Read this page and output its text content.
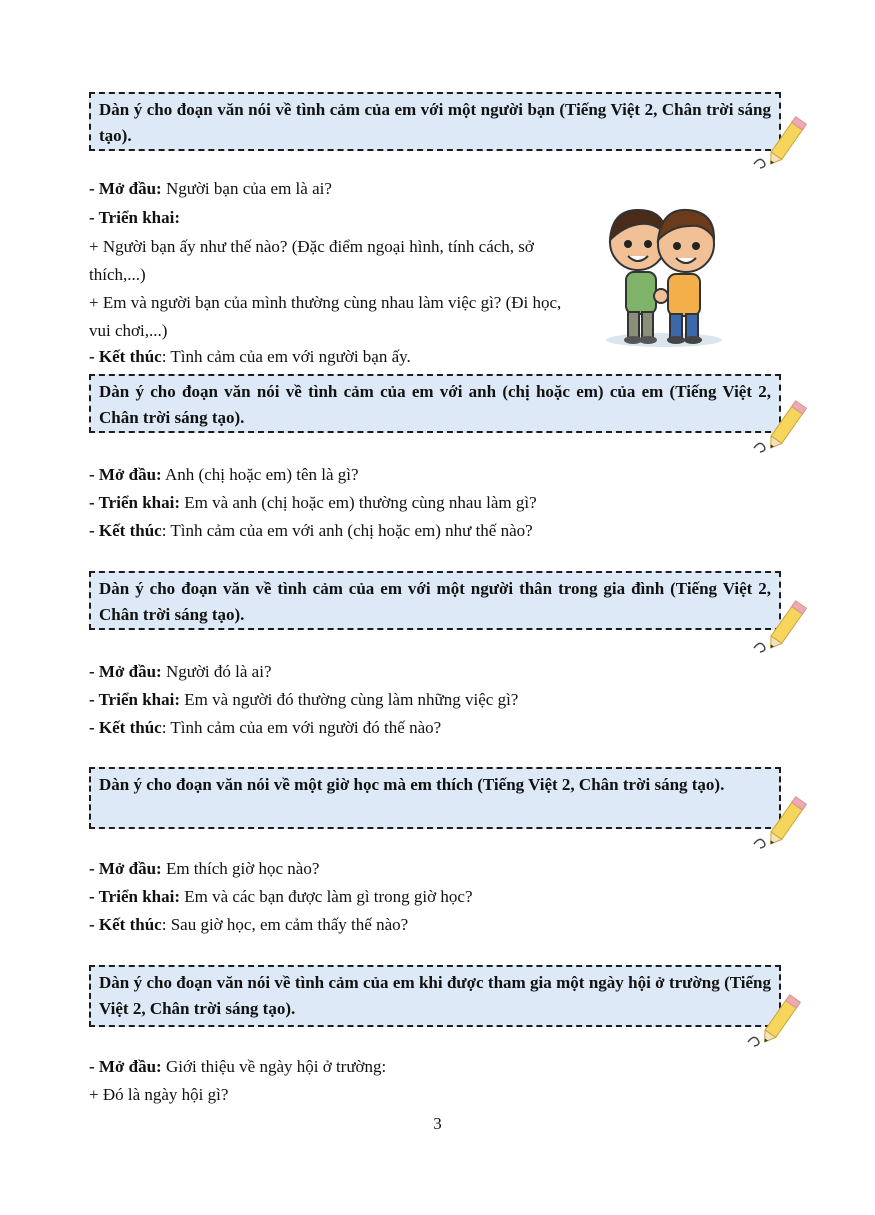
Dàn ý cho đoạn văn nói về tình cảm của em với một người bạn (Tiếng Việt 2, Chân trời sáng tạo).
- Mở đầu: Người bạn của em là ai?
- Triển khai:
+ Người bạn ấy như thế nào? (Đặc điểm ngoại hình, tính cách, sở thích,...)
+ Em và người bạn của mình thường cùng nhau làm việc gì? (Đi học, vui chơi,...)
- Kết thúc: Tình cảm của em với người bạn ấy.
Dàn ý cho đoạn văn nói về tình cảm của em với anh (chị hoặc em) của em (Tiếng Việt 2, Chân trời sáng tạo).
- Mở đầu: Anh (chị hoặc em) tên là gì?
- Triển khai: Em và anh (chị hoặc em) thường cùng nhau làm gì?
- Kết thúc: Tình cảm của em với anh (chị hoặc em) như thế nào?
Dàn ý cho đoạn văn về tình cảm của em với một người thân trong gia đình (Tiếng Việt 2, Chân trời sáng tạo).
- Mở đầu: Người đó là ai?
- Triển khai: Em và người đó thường cùng làm những việc gì?
- Kết thúc: Tình cảm của em với người đó thế nào?
Dàn ý cho đoạn văn nói về một giờ học mà em thích (Tiếng Việt 2, Chân trời sáng tạo).
- Mở đầu: Em thích giờ học nào?
- Triển khai: Em và các bạn được làm gì trong giờ học?
- Kết thúc: Sau giờ học, em cảm thấy thế nào?
Dàn ý cho đoạn văn nói về tình cảm của em khi được tham gia một ngày hội ở trường (Tiếng Việt 2, Chân trời sáng tạo).
- Mở đầu: Giới thiệu về ngày hội ở trường:
+ Đó là ngày hội gì?
3
